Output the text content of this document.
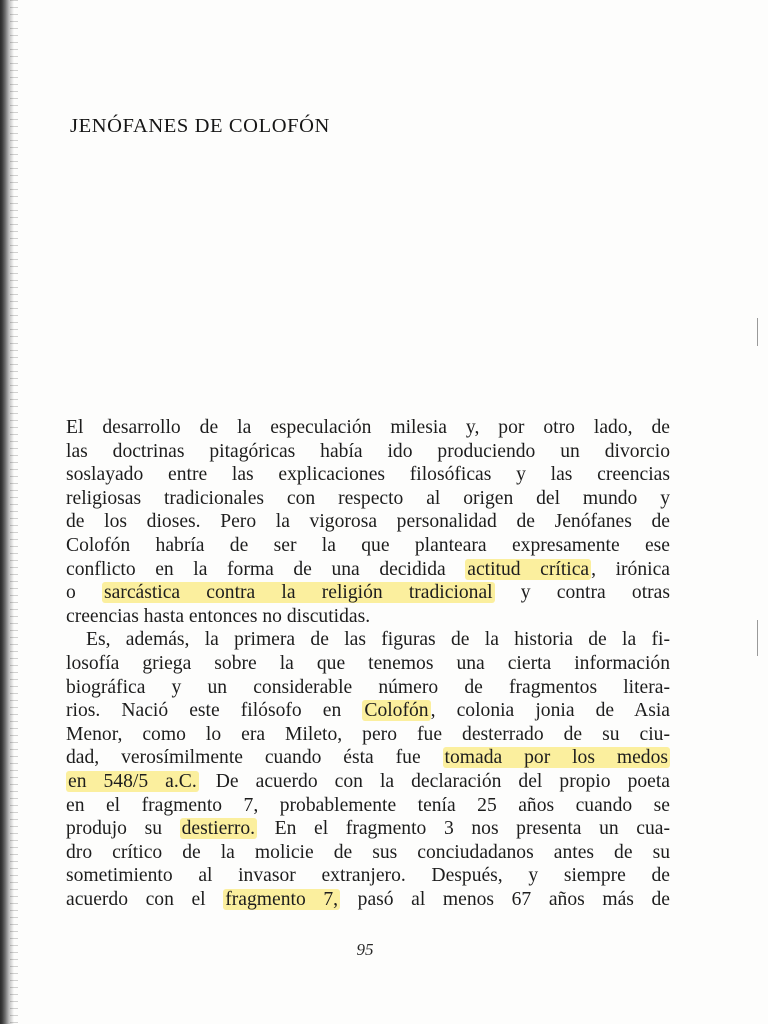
JENÓFANES DE COLOFÓN
El desarrollo de la especulación milesia y, por otro lado, de
las doctrinas pitagóricas había ido produciendo un divorcio
soslayado entre las explicaciones filosóficas y las creencias
religiosas tradicionales con respecto al origen del mundo y
de los dioses. Pero la vigorosa personalidad de Jenófanes de
Colofón habría de ser la que planteara expresamente ese
conflicto en la forma de una decidida actitud crítica , irónica
o sarcástica contra la religión tradicional y contra otras
creencias hasta entonces no discutidas.
Es, además, la primera de las figuras de la historia de la fi-
losofía griega sobre la que tenemos una cierta información
biográfica y un considerable número de fragmentos litera-
rios. Nació este filósofo en Colofón , colonia jonia de Asia
Menor, como lo era Mileto, pero fue desterrado de su ciu-
dad, verosímilmente cuando ésta fue tomada por los medos
en 548/5 a.C. De acuerdo con la declaración del propio poeta
en el fragmento 7, probablemente tenía 25 años cuando se
produjo su destierro. En el fragmento 3 nos presenta un cua-
dro crítico de la molicie de sus conciudadanos antes de su
sometimiento al invasor extranjero. Después, y siempre de
acuerdo con el fragmento 7, pasó al menos 67 años más de
95
